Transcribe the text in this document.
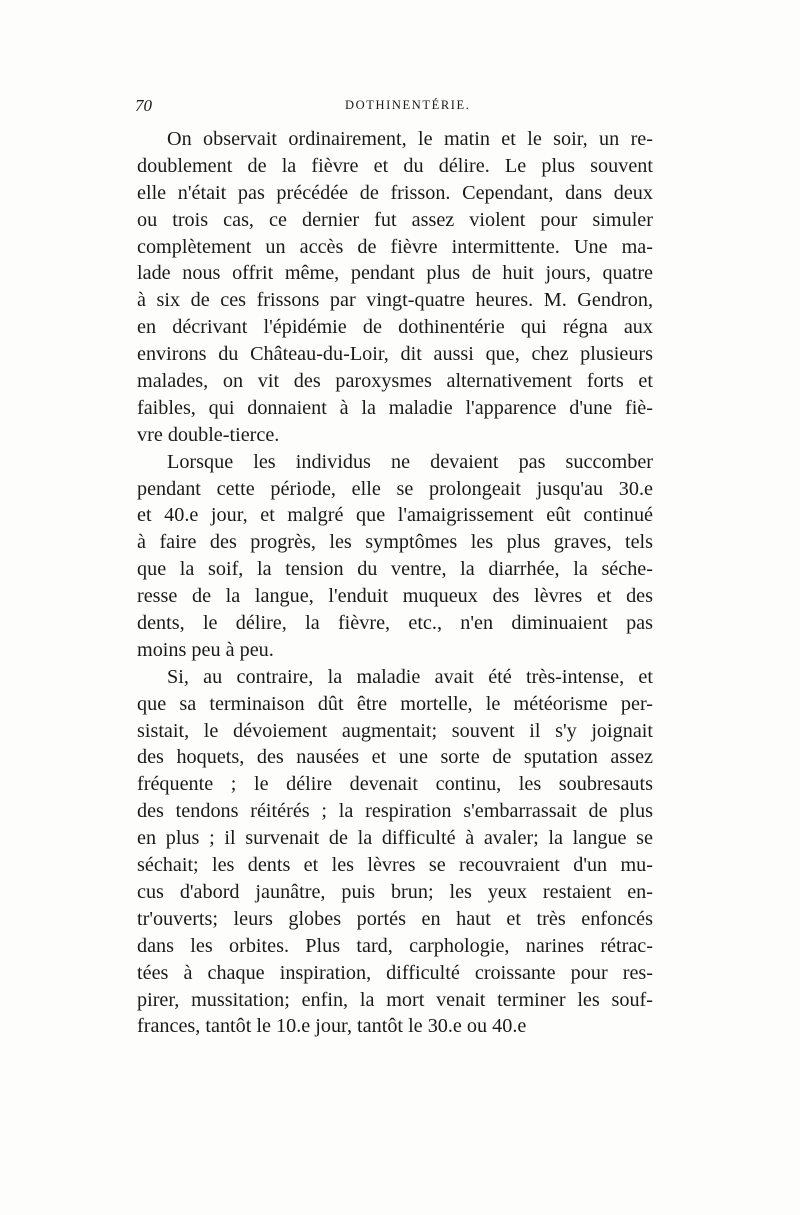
70	DOTHINENTÉRIE.
On observait ordinairement, le matin et le soir, un re-
doublement de la fièvre et du délire. Le plus souvent
elle n'était pas précédée de frisson. Cependant, dans deux
ou trois cas, ce dernier fut assez violent pour simuler
complètement un accès de fièvre intermittente. Une ma-
lade nous offrit même, pendant plus de huit jours, quatre
à six de ces frissons par vingt-quatre heures. M. Gendron,
en décrivant l'épidémie de dothinentérie qui régna aux
environs du Château-du-Loir, dit aussi que, chez plusieurs
malades, on vit des paroxysmes alternativement forts et
faibles, qui donnaient à la maladie l'apparence d'une fiè-
vre double-tierce.
Lorsque les individus ne devaient pas succomber
pendant cette période, elle se prolongeait jusqu'au 30.e
et 40.e jour, et malgré que l'amaigrissement eût continué
à faire des progrès, les symptômes les plus graves, tels
que la soif, la tension du ventre, la diarrhée, la séche-
resse de la langue, l'enduit muqueux des lèvres et des
dents, le délire, la fièvre, etc., n'en diminuaient pas
moins peu à peu.
Si, au contraire, la maladie avait été très-intense, et
que sa terminaison dût être mortelle, le météorisme per-
sistait, le dévoiement augmentait; souvent il s'y joignait
des hoquets, des nausées et une sorte de sputation assez
fréquente ; le délire devenait continu, les soubresauts
des tendons réitérés ; la respiration s'embarrassait de plus
en plus ; il survenait de la difficulté à avaler; la langue se
séchait; les dents et les lèvres se recouvraient d'un mu-
cus d'abord jaunâtre, puis brun; les yeux restaient en-
tr'ouverts; leurs globes portés en haut et très enfoncés
dans les orbites. Plus tard, carphologie, narines rétrac-
tées à chaque inspiration, difficulté croissante pour res-
pirer, mussitation; enfin, la mort venait terminer les souf-
frances, tantôt le 10.e jour, tantôt le 30.e ou 40.e
